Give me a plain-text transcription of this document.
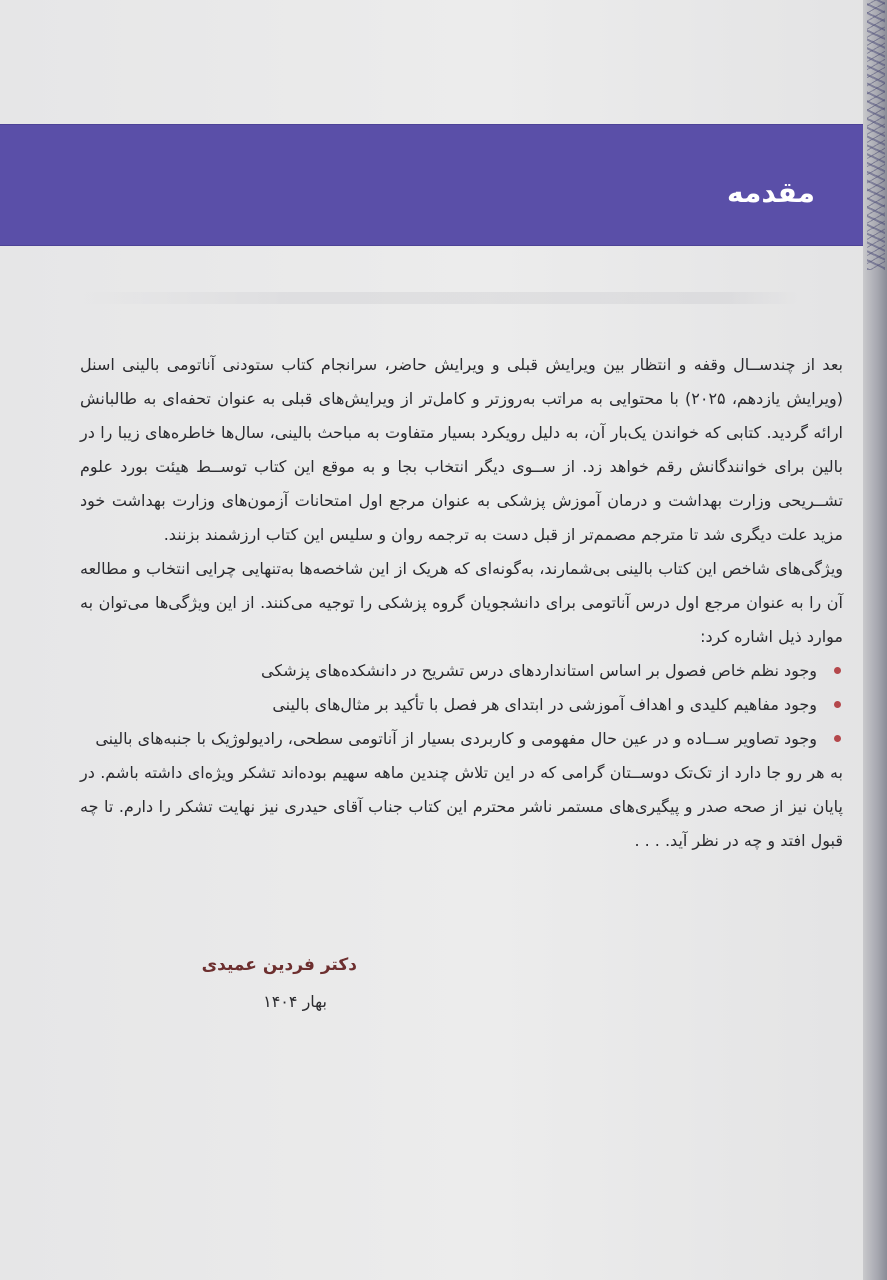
مقدمه

بعد از چندســال وقفه و انتظار بین ویرایش قبلی و ویرایش حاضر، سرانجام کتاب ستودنی آناتومی بالینی اسنل (ویرایش یازدهم، ۲۰۲۵) با محتوایی به مراتب به‌روزتر و کامل‌تر از ویرایش‌های قبلی به عنوان تحفه‌ای به طالبانش ارائه گردید. کتابی که خواندن یک‌بار آن، به دلیل رویکرد بسیار متفاوت به مباحث بالینی، سال‌ها خاطره‌های زیبا را در بالین برای خوانندگانش رقم خواهد زد. از ســوی دیگر انتخاب بجا و به موقع این کتاب توســط هیئت بورد علوم تشــریحی وزارت بهداشت و درمان آموزش پزشکی به عنوان مرجع اول امتحانات آزمون‌های وزارت بهداشت خود مزید علت دیگری شد تا مترجم مصمم‌تر از قبل دست به ترجمه روان و سلیس این کتاب ارزشمند بزنند.

ویژگی‌های شاخص این کتاب بالینی بی‌شمارند، به‌گونه‌ای که هریک از این شاخصه‌ها به‌تنهایی چرایی انتخاب و مطالعه آن را به عنوان مرجع اول درس آناتومی برای دانشجویان گروه پزشکی را توجیه می‌کنند. از این ویژگی‌ها می‌توان به موارد ذیل اشاره کرد:

وجود نظم خاص فصول بر اساس استانداردهای درس تشریح در دانشکده‌های پزشکی
وجود مفاهیم کلیدی و اهداف آموزشی در ابتدای هر فصل با تأکید بر مثال‌های بالینی
وجود تصاویر ســاده و در عین حال مفهومی و کاربردی بسیار از آناتومی سطحی، رادیولوژیک با جنبه‌های بالینی

به هر رو جا دارد از تک‌تک دوســتان گرامی که در این تلاش چندین ماهه سهیم بوده‌اند تشکر ویژه‌ای داشته باشم. در پایان نیز از صحه صدر و پیگیری‌های مستمر ناشر محترم این کتاب جناب آقای حیدری نیز نهایت تشکر را دارم. تا چه قبول افتد و چه در نظر آید. . . .

دکتر فردین عمیدی
بهار ۱۴۰۴
